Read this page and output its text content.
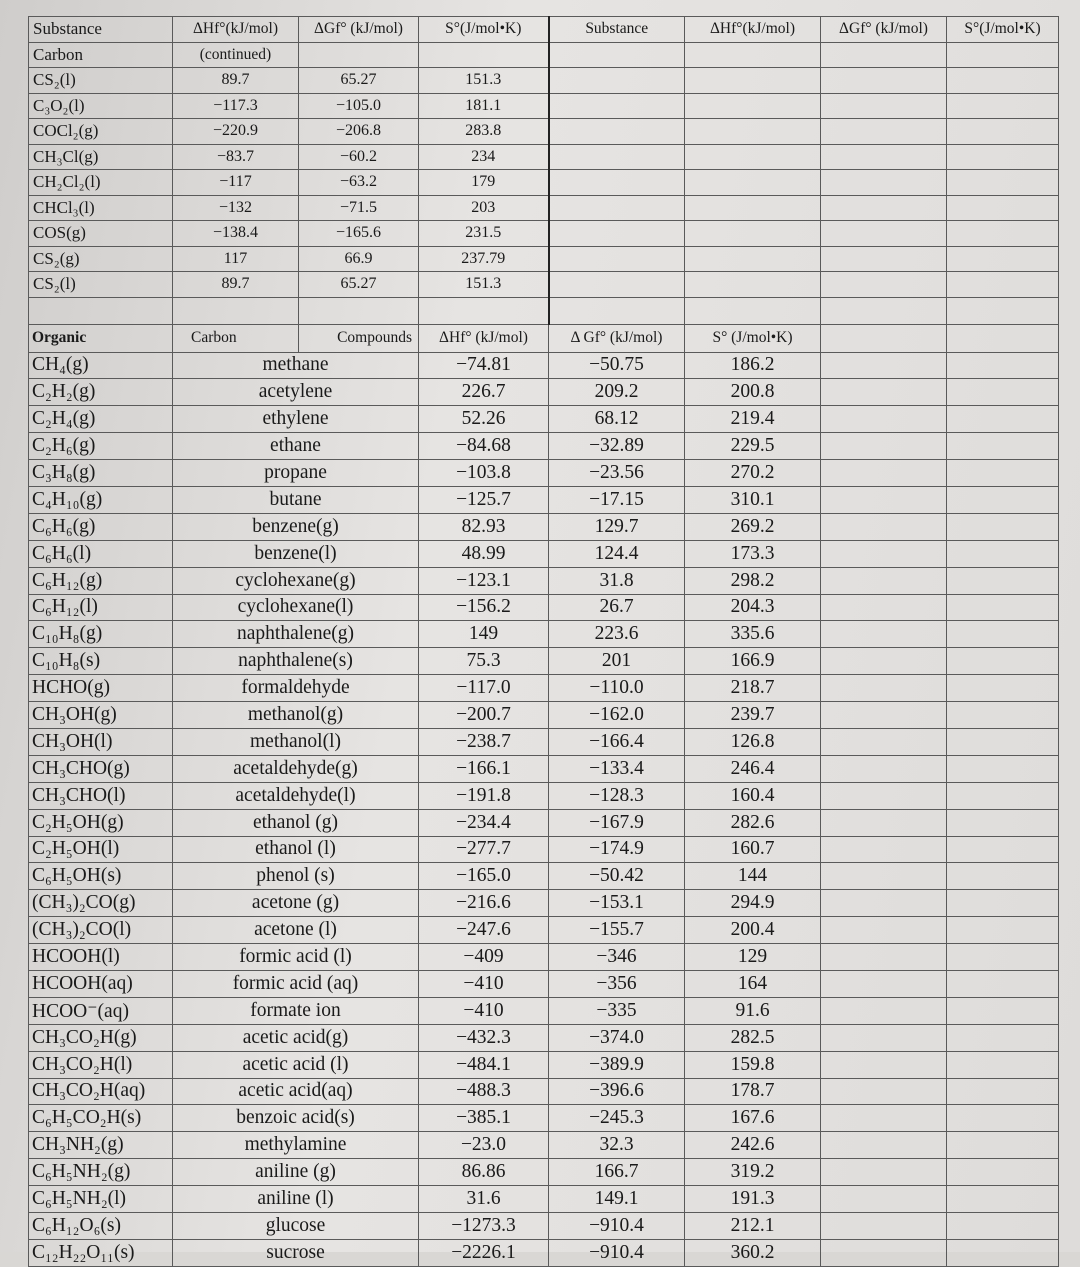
Substance	ΔHf°(kJ/mol)	ΔGf° (kJ/mol)	S°(J/mol•K)	Substance	ΔHf°(kJ/mol)	ΔGf° (kJ/mol)	S°(J/mol•K)
Carbon	(continued)						
CS₂(l)	89.7	65.27	151.3				
C₃O₂(l)	−117.3	−105.0	181.1				
COCl₂(g)	−220.9	−206.8	283.8				
CH₃Cl(g)	−83.7	−60.2	234				
CH₂Cl₂(l)	−117	−63.2	179				
CHCl₃(l)	−132	−71.5	203				
COS(g)	−138.4	−165.6	231.5				
CS₂(g)	117	66.9	237.79				
CS₂(l)	89.7	65.27	151.3				

Organic	Carbon	Compounds	ΔHf° (kJ/mol)	Δ Gf° (kJ/mol)	S° (J/mol•K)		
CH₄(g)	methane		−74.81	−50.75	186.2		
C₂H₂(g)	acetylene		226.7	209.2	200.8		
C₂H₄(g)	ethylene		52.26	68.12	219.4		
C₂H₆(g)	ethane		−84.68	−32.89	229.5		
C₃H₈(g)	propane		−103.8	−23.56	270.2		
C₄H₁₀(g)	butane		−125.7	−17.15	310.1		
C₆H₆(g)	benzene(g)		82.93	129.7	269.2		
C₆H₆(l)	benzene(l)		48.99	124.4	173.3		
C₆H₁₂(g)	cyclohexane(g)		−123.1	31.8	298.2		
C₆H₁₂(l)	cyclohexane(l)		−156.2	26.7	204.3		
C₁₀H₈(g)	naphthalene(g)		149	223.6	335.6		
C₁₀H₈(s)	naphthalene(s)		75.3	201	166.9		
HCHO(g)	formaldehyde		−117.0	−110.0	218.7		
CH₃OH(g)	methanol(g)		−200.7	−162.0	239.7		
CH₃OH(l)	methanol(l)		−238.7	−166.4	126.8		
CH₃CHO(g)	acetaldehyde(g)		−166.1	−133.4	246.4		
CH₃CHO(l)	acetaldehyde(l)		−191.8	−128.3	160.4		
C₂H₅OH(g)	ethanol (g)		−234.4	−167.9	282.6		
C₂H₅OH(l)	ethanol (l)		−277.7	−174.9	160.7		
C₆H₅OH(s)	phenol (s)		−165.0	−50.42	144		
(CH₃)₂CO(g)	acetone (g)		−216.6	−153.1	294.9		
(CH₃)₂CO(l)	acetone (l)		−247.6	−155.7	200.4		
HCOOH(l)	formic acid (l)		−409	−346	129		
HCOOH(aq)	formic acid (aq)		−410	−356	164		
HCOO⁻(aq)	formate ion		−410	−335	91.6		
CH₃CO₂H(g)	acetic acid(g)		−432.3	−374.0	282.5		
CH₃CO₂H(l)	acetic acid (l)		−484.1	−389.9	159.8		
CH₃CO₂H(aq)	acetic acid(aq)		−488.3	−396.6	178.7		
C₆H₅CO₂H(s)	benzoic acid(s)		−385.1	−245.3	167.6		
CH₃NH₂(g)	methylamine		−23.0	32.3	242.6		
C₆H₅NH₂(g)	aniline (g)		86.86	166.7	319.2		
C₆H₅NH₂(l)	aniline (l)		31.6	149.1	191.3		
C₆H₁₂O₆(s)	glucose		−1273.3	−910.4	212.1		
C₁₂H₂₂O₁₁(s)	sucrose		−2226.1	−910.4	360.2		
